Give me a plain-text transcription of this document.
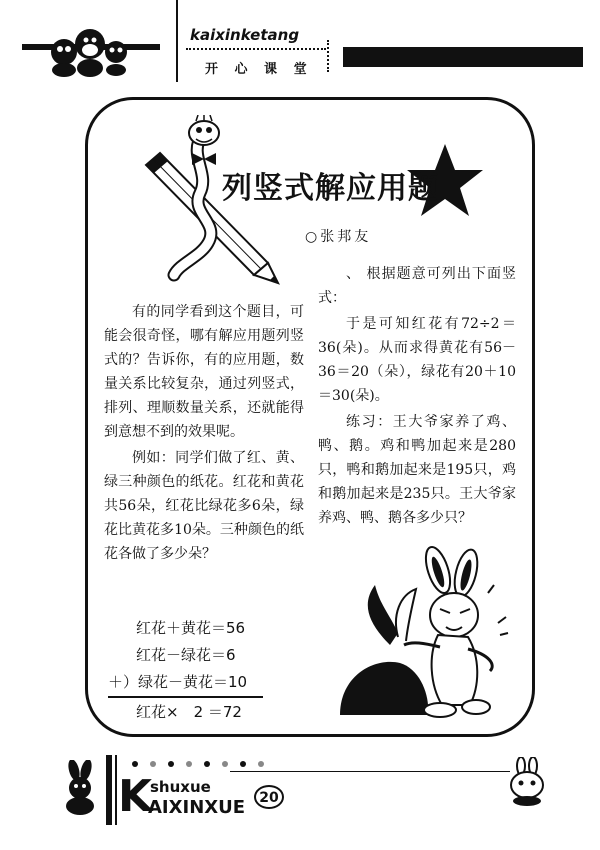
kaixinketang
开 心 课 堂
列竖式解应用题
○张邦友

有的同学看到这个题目，可能会很奇怪，哪有解应用题列竖式的？告诉你，有的应用题，数量关系比较复杂，通过列竖式，排列、理顺数量关系，还就能得到意想不到的效果呢。

例如：同学们做了红、黄、绿三种颜色的纸花。红花和黄花共56朵，红花比绿花多6朵，绿花比黄花多10朵。三种颜色的纸花各做了多少朵？

红花＋黄花＝56
红花－绿花＝6
＋）绿花－黄花＝10
红花×　2 ＝72

、 根据题意可列出下面竖式：

于是可知红花有72÷2＝36(朵)。从而求得黄花有56－36＝20（朵），绿花有20＋10＝30(朵)。

练习：王大爷家养了鸡、鸭、鹅。鸡和鸭加起来是280只，鸭和鹅加起来是195只，鸡和鹅加起来是235只。王大爷家养鸡、鸭、鹅各多少只？

K
shuxue
AIXINXUE	20
